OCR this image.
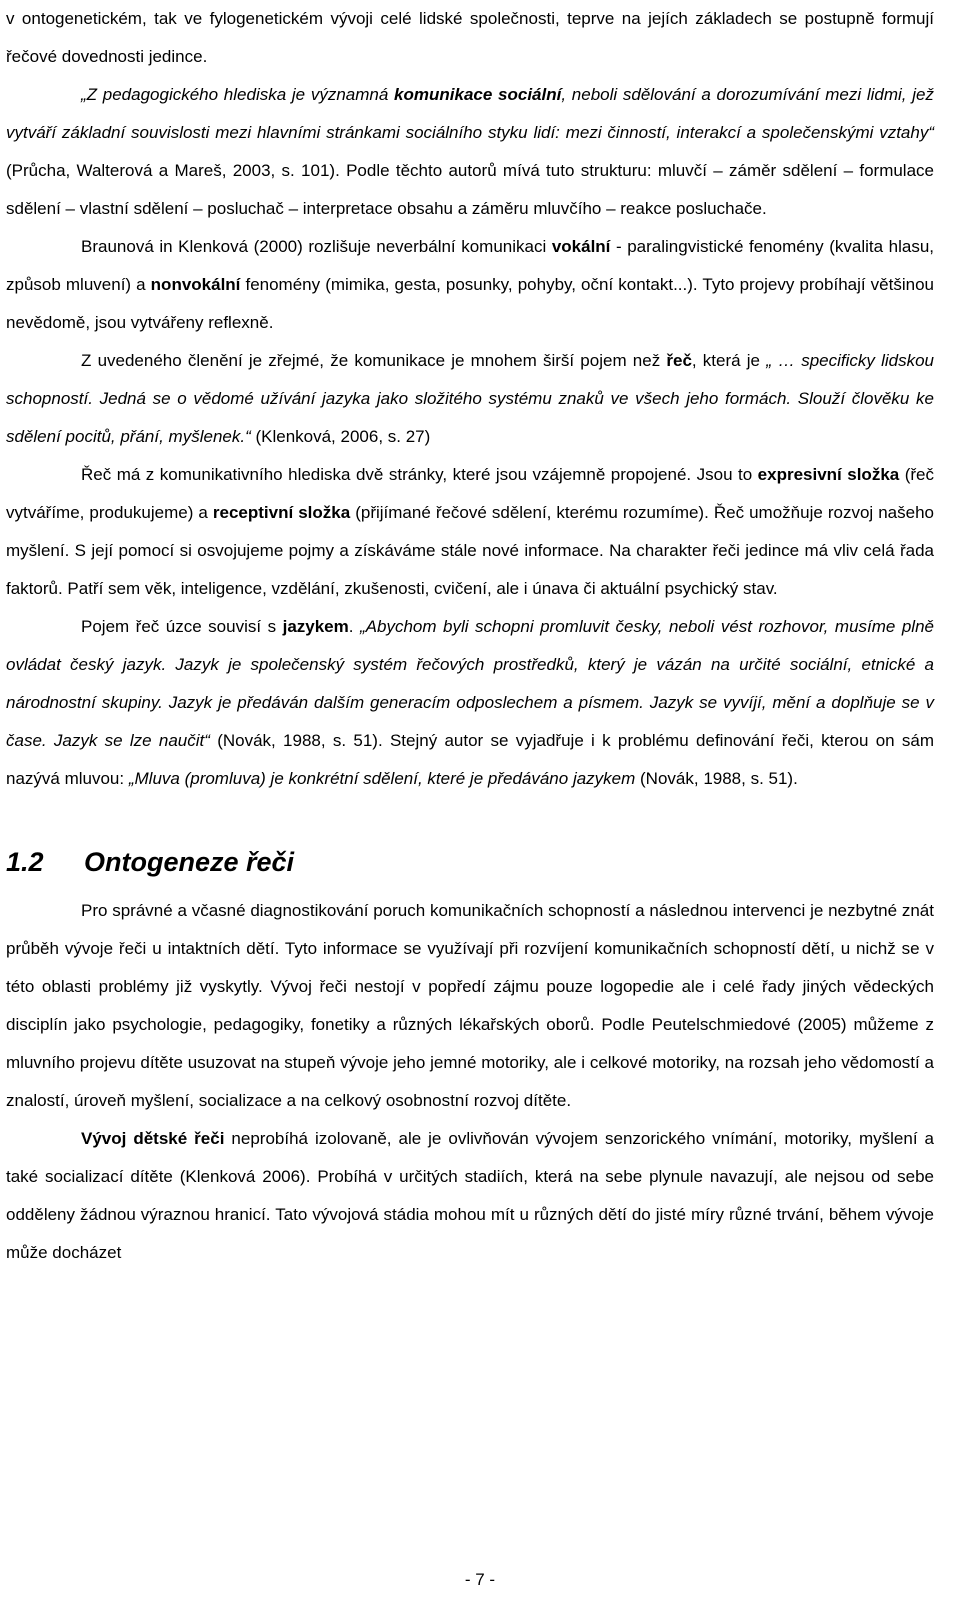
v ontogenetickém, tak ve fylogenetickém vývoji celé lidské společnosti, teprve na jejích základech se postupně formují řečové dovednosti jedince.

„Z pedagogického hlediska je významná komunikace sociální, neboli sdělování a dorozumívání mezi lidmi, jež vytváří základní souvislosti mezi hlavními stránkami sociálního styku lidí: mezi činností, interakcí a společenskými vztahy“ (Průcha, Walterová a Mareš, 2003, s. 101). Podle těchto autorů mívá tuto strukturu: mluvčí – záměr sdělení – formulace sdělení – vlastní sdělení – posluchač – interpretace obsahu a záměru mluvčího – reakce posluchače.

Braunová in Klenková (2000) rozlišuje neverbální komunikaci vokální - paralingvistické fenomény (kvalita hlasu, způsob mluvení) a nonvokální fenomény (mimika, gesta, posunky, pohyby, oční kontakt...). Tyto projevy probíhají většinou nevědomě, jsou vytvářeny reflexně.

Z uvedeného členění je zřejmé, že komunikace je mnohem širší pojem než řeč, která je „ … specificky lidskou schopností. Jedná se o vědomé užívání jazyka jako složitého systému znaků ve všech jeho formách. Slouží člověku ke sdělení pocitů, přání, myšlenek.“ (Klenková, 2006, s. 27)

Řeč má z komunikativního hlediska dvě stránky, které jsou vzájemně propojené. Jsou to expresivní složka (řeč vytváříme, produkujeme) a receptivní složka (přijímané řečové sdělení, kterému rozumíme). Řeč umožňuje rozvoj našeho myšlení. S její pomocí si osvojujeme pojmy a získáváme stále nové informace. Na charakter řeči jedince má vliv celá řada faktorů. Patří sem věk, inteligence, vzdělání, zkušenosti, cvičení, ale i únava či aktuální psychický stav.

Pojem řeč úzce souvisí s jazykem. „Abychom byli schopni promluvit česky, neboli vést rozhovor, musíme plně ovládat český jazyk. Jazyk je společenský systém řečových prostředků, který je vázán na určité sociální, etnické a národnostní skupiny. Jazyk je předáván dalším generacím odposlechem a písmem. Jazyk se vyvíjí, mění a doplňuje se v čase. Jazyk se lze naučit“ (Novák, 1988, s. 51). Stejný autor se vyjadřuje i k problému definování řeči, kterou on sám nazývá mluvou: „Mluva (promluva) je konkrétní sdělení, které je předáváno jazykem (Novák, 1988, s. 51).

1.2	Ontogeneze řeči

Pro správné a včasné diagnostikování poruch komunikačních schopností a následnou intervenci je nezbytné znát průběh vývoje řeči u intaktních dětí. Tyto informace se využívají při rozvíjení komunikačních schopností dětí, u nichž se v této oblasti problémy již vyskytly. Vývoj řeči nestojí v popředí zájmu pouze logopedie ale i celé řady jiných vědeckých disciplín jako psychologie, pedagogiky, fonetiky a různých lékařských oborů. Podle Peutelschmiedové (2005) můžeme z mluvního projevu dítěte usuzovat na stupeň vývoje jeho jemné motoriky, ale i celkové motoriky, na rozsah jeho vědomostí a znalostí, úroveň myšlení, socializace a na celkový osobnostní rozvoj dítěte.

Vývoj dětské řeči neprobíhá izolovaně, ale je ovlivňován vývojem senzorického vnímání, motoriky, myšlení a také socializací dítěte (Klenková 2006). Probíhá v určitých stadiích, která na sebe plynule navazují, ale nejsou od sebe odděleny žádnou výraznou hranicí. Tato vývojová stádia mohou mít u různých dětí do jisté míry různé trvání, během vývoje může docházet

- 7 -
